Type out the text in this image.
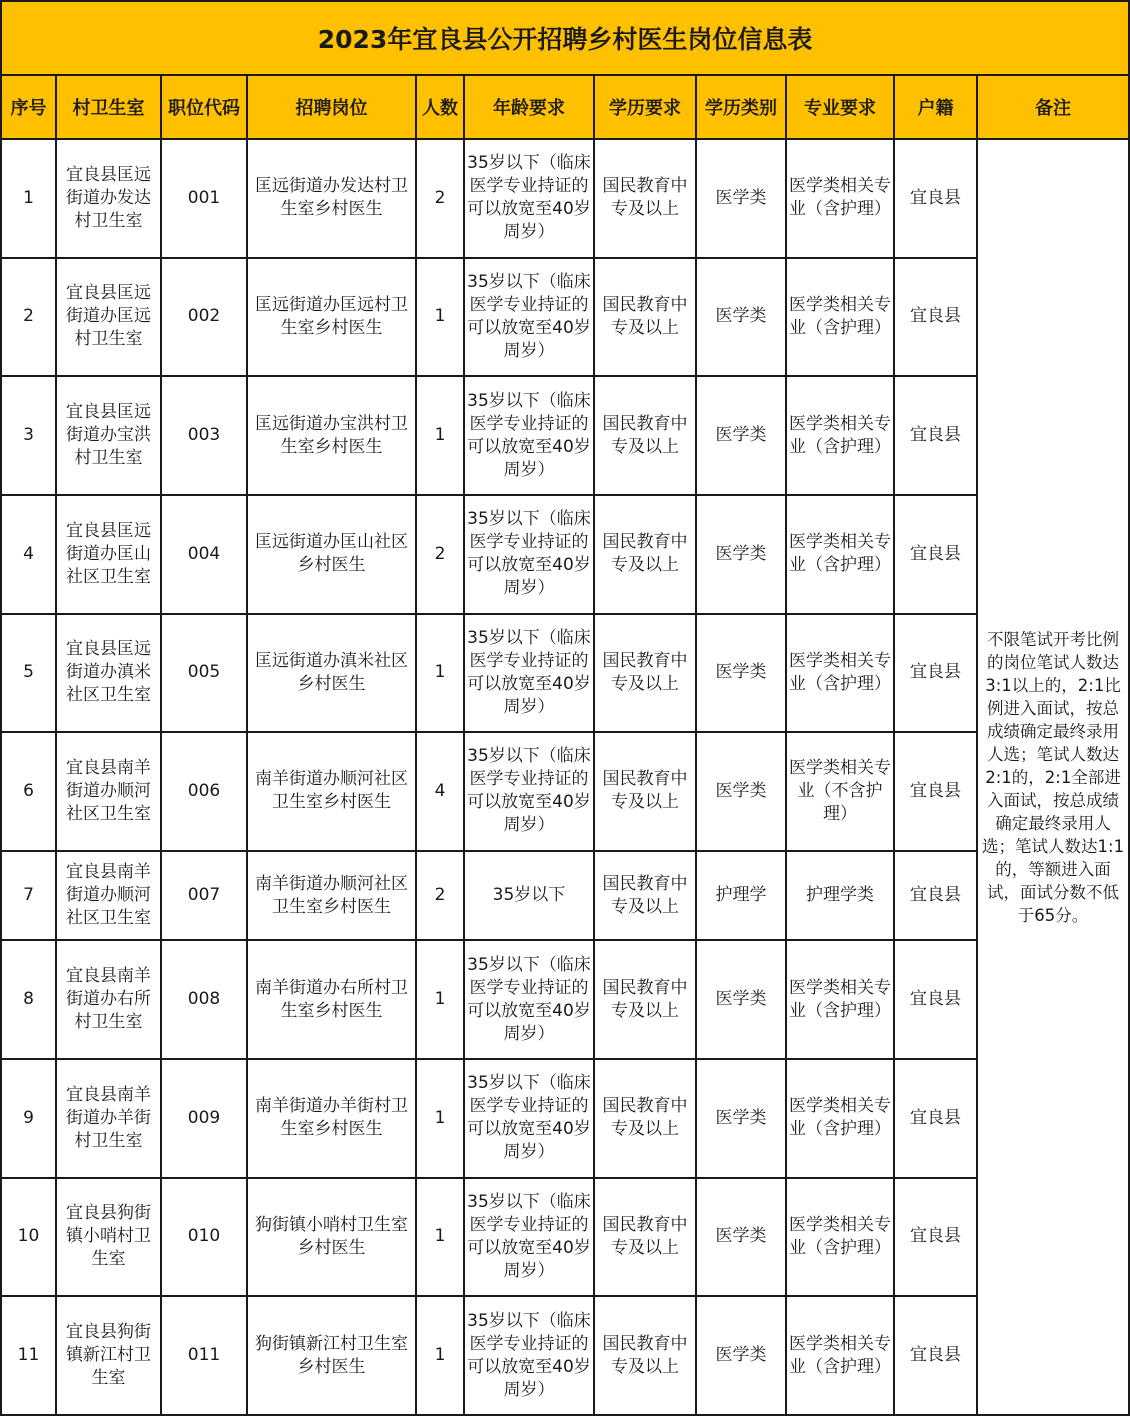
2023年宜良县公开招聘乡村医生岗位信息表										
序号	村卫生室	职位代码	招聘岗位	人数	年龄要求	学历要求	学历类别	专业要求	户籍	备注
1	宜良县匡远街道办发达村卫生室	001	匡远街道办发达村卫生室乡村医生	2	35岁以下（临床医学专业持证的可以放宽至40岁周岁）	国民教育中专及以上	医学类	医学类相关专业（含护理）	宜良县	不限笔试开考比例的岗位笔试人数达3:1以上的，2:1比例进入面试，按总成绩确定最终录用人选；笔试人数达2:1的，2:1全部进入面试，按总成绩确定最终录用人选；笔试人数达1:1的，等额进入面试，面试分数不低于65分。
2	宜良县匡远街道办匡远村卫生室	002	匡远街道办匡远村卫生室乡村医生	1	35岁以下（临床医学专业持证的可以放宽至40岁周岁）	国民教育中专及以上	医学类	医学类相关专业（含护理）	宜良县	
3	宜良县匡远街道办宝洪村卫生室	003	匡远街道办宝洪村卫生室乡村医生	1	35岁以下（临床医学专业持证的可以放宽至40岁周岁）	国民教育中专及以上	医学类	医学类相关专业（含护理）	宜良县	
4	宜良县匡远街道办匡山社区卫生室	004	匡远街道办匡山社区乡村医生	2	35岁以下（临床医学专业持证的可以放宽至40岁周岁）	国民教育中专及以上	医学类	医学类相关专业（含护理）	宜良县	
5	宜良县匡远街道办滇米社区卫生室	005	匡远街道办滇米社区乡村医生	1	35岁以下（临床医学专业持证的可以放宽至40岁周岁）	国民教育中专及以上	医学类	医学类相关专业（含护理）	宜良县	
6	宜良县南羊街道办顺河社区卫生室	006	南羊街道办顺河社区卫生室乡村医生	4	35岁以下（临床医学专业持证的可以放宽至40岁周岁）	国民教育中专及以上	医学类	医学类相关专业（不含护理）	宜良县	
7	宜良县南羊街道办顺河社区卫生室	007	南羊街道办顺河社区卫生室乡村医生	2	35岁以下	国民教育中专及以上	护理学	护理学类	宜良县	
8	宜良县南羊街道办右所村卫生室	008	南羊街道办右所村卫生室乡村医生	1	35岁以下（临床医学专业持证的可以放宽至40岁周岁）	国民教育中专及以上	医学类	医学类相关专业（含护理）	宜良县	
9	宜良县南羊街道办羊街村卫生室	009	南羊街道办羊街村卫生室乡村医生	1	35岁以下（临床医学专业持证的可以放宽至40岁周岁）	国民教育中专及以上	医学类	医学类相关专业（含护理）	宜良县	
10	宜良县狗街镇小哨村卫生室	010	狗街镇小哨村卫生室乡村医生	1	35岁以下（临床医学专业持证的可以放宽至40岁周岁）	国民教育中专及以上	医学类	医学类相关专业（含护理）	宜良县	
11	宜良县狗街镇新江村卫生室	011	狗街镇新江村卫生室乡村医生	1	35岁以下（临床医学专业持证的可以放宽至40岁周岁）	国民教育中专及以上	医学类	医学类相关专业（含护理）	宜良县	
